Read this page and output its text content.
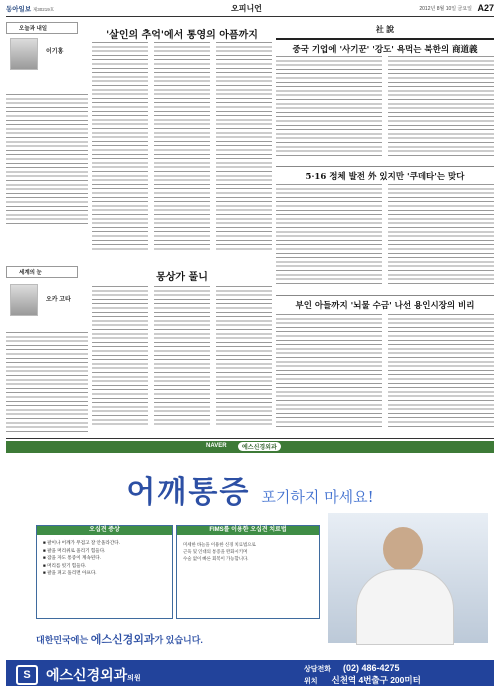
동아일보 제30219호	오피니언	2012년 8월 10일 금요일 A27
오늘과 내일
이기홍
세계의 눈
오카 고타
'살인의 추억'에서 통영의 아픔까지
몽상가 풀니
社 說
중국 기업에 '사기꾼' '강도' 욕먹는 북한의 商道義
5·16 정체 발전 外 있지만 '쿠데타'는 맞다
부인 아들까지 '뇌물 수금' 나선 용인시장의 비리
NAVER	에스신경외과
어깨통증 포기하지 마세요!
오십견 증상
■ 팔이나 어깨가 무겁고 잘 안올라간다.
■ 팔을 머리위로 올리기 힘들다.
■ 잠을 자도 통증이 계속된다.
■ 머리를 빗기 힘들다.
■ 팔을 펴고 돌리면 아프다.
FIMS를 이용한 오십견 치료법
미세한 바늘을 이용한 신경 치료법으로
근육 및 인대의 통증을 완화시키며
수술 없이 빠른 회복이 가능합니다.
대한민국에는 에스신경외과가 있습니다.
S	에스신경외과의원
상담전화 (02) 486-4275
위치 신천역 4번출구 200미터
